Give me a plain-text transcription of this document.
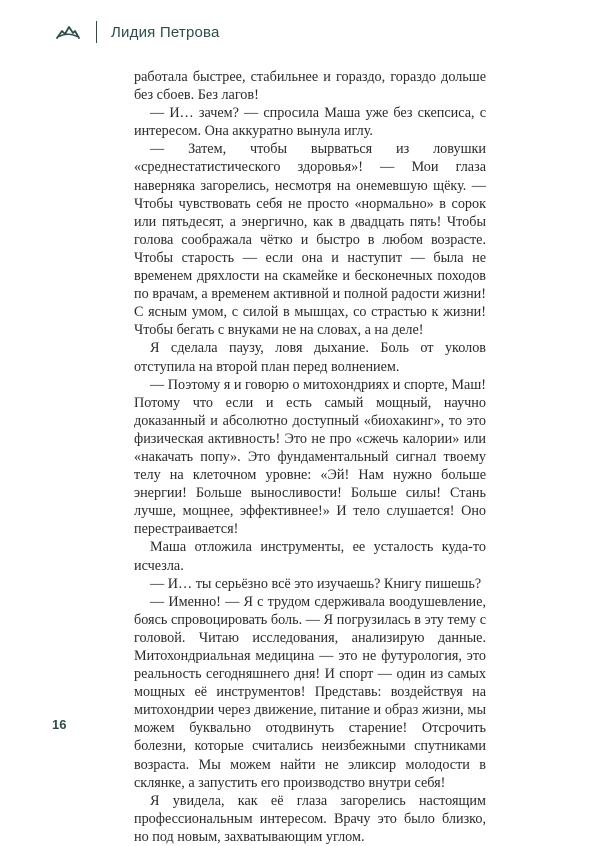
Лидия Петрова

работала быстрее, стабильнее и гораздо, гораздо дольше без сбоев. Без лагов!

— И… зачем? — спросила Маша уже без скепсиса, с интересом. Она аккуратно вынула иглу.

— Затем, чтобы вырваться из ловушки «среднестатистического здоровья»! — Мои глаза наверняка загорелись, несмотря на онемевшую щёку. — Чтобы чувствовать себя не просто «нормально» в сорок или пятьдесят, а энергично, как в двадцать пять! Чтобы голова соображала чётко и быстро в любом возрасте. Чтобы старость — если она и наступит — была не временем дряхлости на скамейке и бесконечных походов по врачам, а временем активной и полной радости жизни! С ясным умом, с силой в мышцах, со страстью к жизни! Чтобы бегать с внуками не на словах, а на деле!

Я сделала паузу, ловя дыхание. Боль от уколов отступила на второй план перед волнением.

— Поэтому я и говорю о митохондриях и спорте, Маш! Потому что если и есть самый мощный, научно доказанный и абсолютно доступный «биохакинг», то это физическая активность! Это не про «сжечь калории» или «накачать попу». Это фундаментальный сигнал твоему телу на клеточном уровне: «Эй! Нам нужно больше энергии! Больше выносливости! Больше силы! Стань лучше, мощнее, эффективнее!» И тело слушается! Оно перестраивается!

Маша отложила инструменты, ее усталость куда-то исчезла.

— И… ты серьёзно всё это изучаешь? Книгу пишешь?

— Именно! — Я с трудом сдерживала воодушевление, боясь спровоцировать боль. — Я погрузилась в эту тему с головой. Читаю исследования, анализирую данные. Митохондриальная медицина — это не футурология, это реальность сегодняшнего дня! И спорт — один из самых мощных её инструментов! Представь: воздействуя на митохондрии через движение, питание и образ жизни, мы можем буквально отодвинуть старение! Отсрочить болезни, которые считались неизбежными спутниками возраста. Мы можем найти не эликсир молодости в склянке, а запустить его производство внутри себя!

Я увидела, как её глаза загорелись настоящим профессиональным интересом. Врачу это было близко, но под новым, захватывающим углом.

16
